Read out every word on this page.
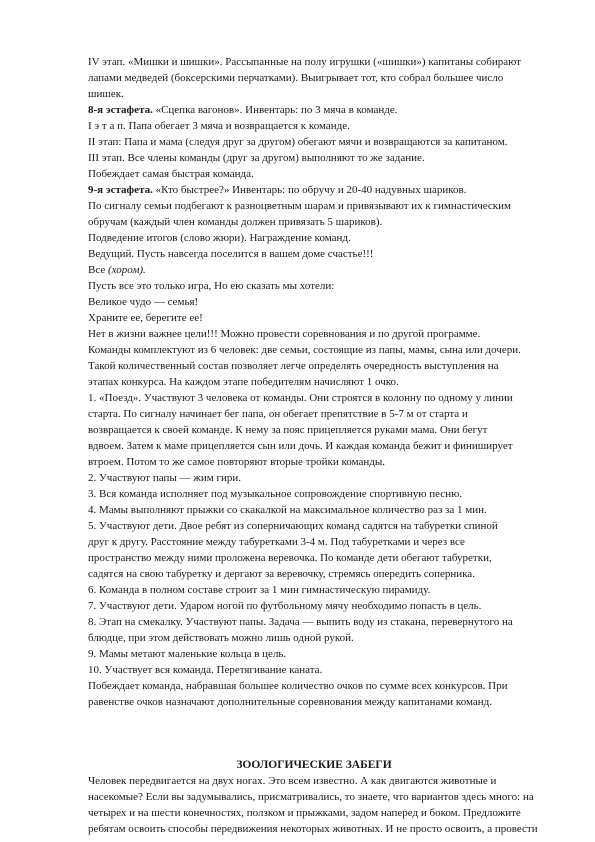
IV этап. «Мишки и шишки». Рассыпанные на полу игрушки («шишки») капитаны собирают

лапами медведей (боксерскими перчатками). Выигрывает тот, кто собрал большее число

шишек.

8-я эстафета. «Сцепка вагонов». Инвентарь: по 3 мяча в команде.

I э т а п. Папа обегает 3 мяча и возвращается к команде.

II этап: Папа и мама (следуя друг за другом) обегают мячи и возвращаются за капитаном.

III этап. Все члены команды (друг за другом) выполняют то же задание.

Побеждает самая быстрая команда.

9-я эстафета. «Кто быстрее?» Инвентарь: по обручу и 20-40 надувных шариков.

По сигналу семьи подбегают к разноцветным шарам и привязывают их к гимнастическим

обручам (каждый член команды должен привязать 5 шариков).

Подведение итогов (слово жюри). Награждение команд.

Ведущий. Пусть навсегда поселится в вашем доме счастье!!!

Все (хором).

Пусть все это только игра, Но ею сказать мы хотели:

Великое чудо — семья!

Храните ее, берегите ее!

Нет в жизни важнее цели!!! Можно провести соревнования и по другой программе.

Команды комплектуют из 6 человек: две семьи, состоящие из папы, мамы, сына или дочери.

Такой количественный состав позволяет легче определять очередность выступления на

этапах конкурса. На каждом этапе победителям начисляют 1 очко.

1. «Поезд». Участвуют 3 человека от команды. Они строятся в колонну по одному у линии

старта. По сигналу начинает бег папа, он обегает препятствие в 5-7 м от старта и

возвращается к своей команде. К нему за пояс прицепляется руками мама. Они бегут

вдвоем. Затем к маме прицепляется сын или дочь. И каждая команда бежит и финиширует

втроем. Потом то же самое повторяют вторые тройки команды.

2. Участвуют папы — жим гири.

3. Вся команда исполняет под музыкальное сопровождение спортивную песню.

4. Мамы выполняют прыжки со скакалкой на максимальное количество раз за 1 мин.

5. Участвуют дети. Двое ребят из соперничающих команд садятся на табуретки спиной

друг к другу. Расстояние между табуретками 3-4 м. Под табуретками и через все

пространство между ними проложена веревочка. По команде дети обегают табуретки,

садятся на свою табуретку и дергают за веревочку, стремясь опередить соперника.

6. Команда в полном составе строит за 1 мин гимнастическую пирамиду.

7. Участвуют дети. Ударом ногой по футбольному мячу необходимо попасть в цель.

8. Этап на смекалку. Участвуют папы. Задача — выпить воду из стакана, перевернутого на

блюдце, при этом действовать можно лишь одной рукой.

9. Мамы метают маленькие кольца в цель.

10. Участвует вся команда. Перетягивание каната.

Побеждает команда, набравшая большее количество очков по сумме всех конкурсов. При

равенстве очков назначают дополнительные соревнования между капитанами команд.

ЗООЛОГИЧЕСКИЕ ЗАБЕГИ

Человек передвигается на двух ногах. Это всем известно. А как двигаются животные и

насекомые? Если вы задумывались, присматривались, то знаете, что вариантов здесь много: на

четырех и на шести конечностях, ползком и прыжками, задом наперед и боком. Предложите

ребятам освоить способы передвижения некоторых животных. И не просто освоить, а провести
